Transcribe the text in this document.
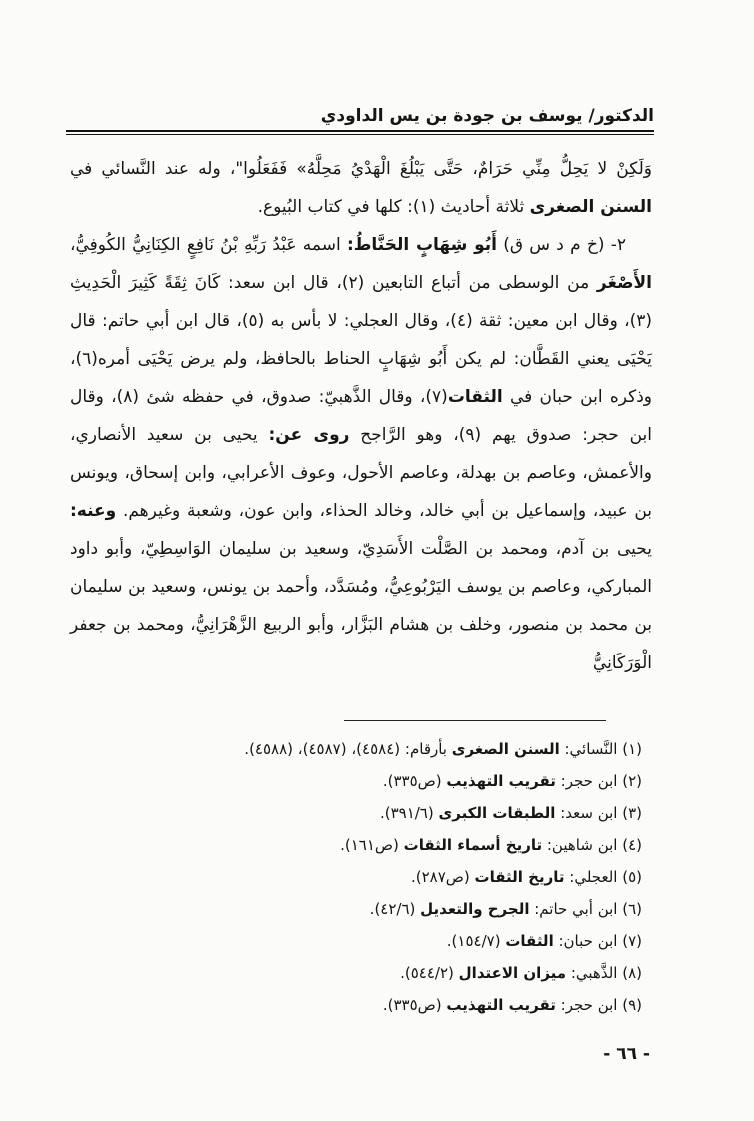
الدكتور/ يوسف بن جودة بن يس الداودي

وَلَكِنْ لا يَحِلُّ مِنِّي حَرَامٌ، حَتَّى يَبْلُغَ الْهَدْيُ مَحِلَّهُ» فَفَعَلُوا"، وله عند النَّسائي في السنن الصغرى ثلاثة أحاديث (١): كلها في كتاب البُيوع.

٢- (خ م د س ق) أَبُو شِهَابٍ الحَنَّاطُ: اسمه عَبْدُ رَبِّهِ بْنُ نَافِعٍ الكِنَانِيُّ الكُوفِيُّ، الأَصْغَر من الوسطى من أتباع التابعين (٢)، قال ابن سعد: كَانَ ثِقَةً كَثِيرَ الْحَدِيثِ (٣)، وقال ابن معين: ثقة (٤)، وقال العجلي: لا بأس به (٥)، قال ابن أبي حاتم: قال يَحْيَى يعني القَطَّان: لم يكن أَبُو شِهَابٍ الحناط بالحافظ، ولم يرض يَحْيَى أمره(٦)، وذكره ابن حبان في الثقات(٧)، وقال الذَّهبيّ: صدوق، في حفظه شئ (٨)، وقال ابن حجر: صدوق يهم (٩)، وهو الرَّاجح روى عن: يحيى بن سعيد الأنصاري، والأعمش، وعاصم بن بهدلة، وعاصم الأحول، وعوف الأعرابي، وابن إسحاق، ويونس بن عبيد، وإسماعيل بن أبي خالد، وخالد الحذاء، وابن عون، وشعبة وغيرهم. وعنه: يحيى بن آدم، ومحمد بن الصَّلْت الأَسَدِيّ، وسعيد بن سليمان الوَاسِطِيّ، وأبو داود المباركي، وعاصم بن يوسف اليَرْبُوعِيُّ، ومُسَدَّد، وأحمد بن يونس، وسعيد بن سليمان بن محمد بن منصور، وخلف بن هشام البَزَّار، وأبو الربيع الزَّهْرَانِيُّ، ومحمد بن جعفر الْوَرَكَانِيُّ

(١) النَّسائي: السنن الصغرى بأرقام: (٤٥٨٤)، (٤٥٨٧)، (٤٥٨٨).
(٢) ابن حجر: تقريب التهذيب (ص٣٣٥).
(٣) ابن سعد: الطبقات الكبرى (٣٩١/٦).
(٤) ابن شاهين: تاريخ أسماء الثقات (ص١٦١).
(٥) العجلي: تاريخ الثقات (ص٢٨٧).
(٦) ابن أبي حاتم: الجرح والتعديل (٤٢/٦).
(٧) ابن حبان: الثقات (١٥٤/٧).
(٨) الذَّهبي: ميزان الاعتدال (٥٤٤/٢).
(٩) ابن حجر: تقريب التهذيب (ص٣٣٥).
- ٦٦ -
